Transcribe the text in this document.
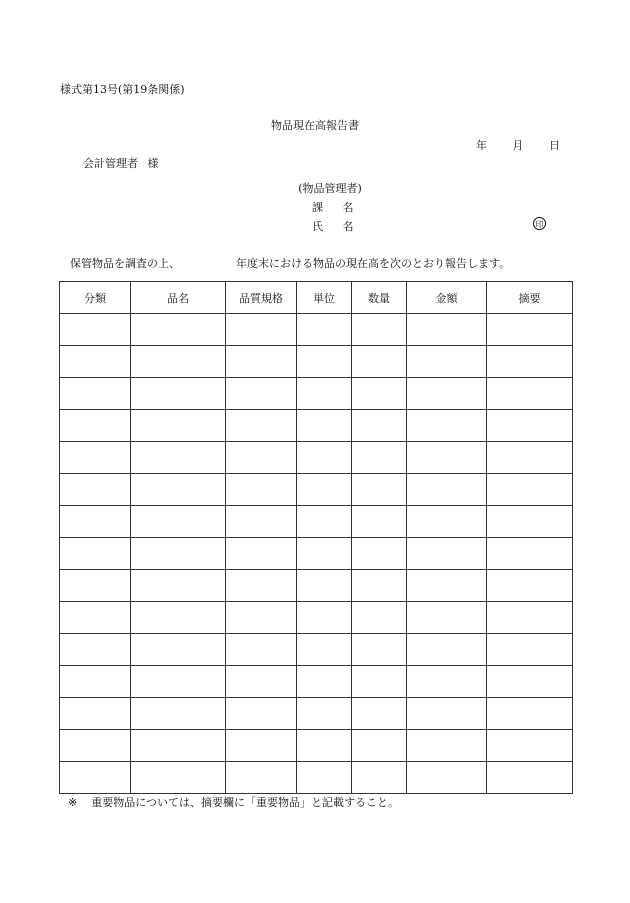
様式第13号(第19条関係)
物品現在高報告書
年 月 日
会計管理者 様
(物品管理者)
課 名
氏 名	印
保管物品を調査の上、	年度末における物品の現在高を次のとおり報告します。
分類	品名	品質規格	単位	数量	金額	摘要

※ 重要物品については、摘要欄に「重要物品」と記載すること。
